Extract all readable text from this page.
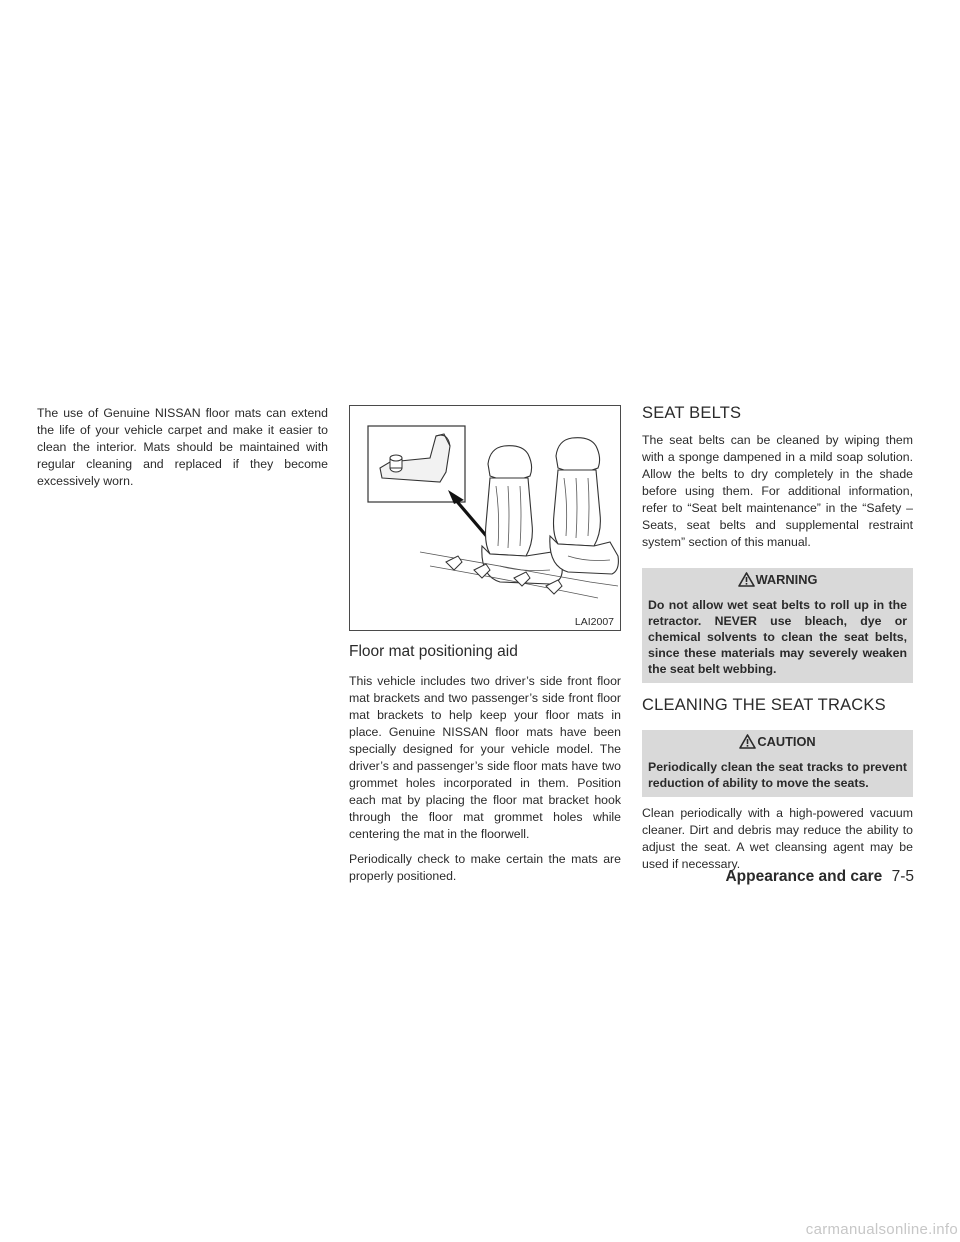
The use of Genuine NISSAN floor mats can extend the life of your vehicle carpet and make it easier to clean the interior. Mats should be maintained with regular cleaning and replaced if they become excessively worn.

LAI2007
Floor mat positioning aid

This vehicle includes two driver’s side front floor mat brackets and two passenger’s side front floor mat brackets to help keep your floor mats in place. Genuine NISSAN floor mats have been specially designed for your vehicle model. The driver’s and passenger’s side floor mats have two grommet holes incorporated in them. Position each mat by placing the floor mat bracket hook through the floor mat grommet holes while centering the mat in the floorwell.

Periodically check to make certain the mats are properly positioned.

SEAT BELTS

The seat belts can be cleaned by wiping them with a sponge dampened in a mild soap solution. Allow the belts to dry completely in the shade before using them. For additional information, refer to “Seat belt maintenance” in the “Safety – Seats, seat belts and supplemental restraint system” section of this manual.

WARNING
Do not allow wet seat belts to roll up in the retractor. NEVER use bleach, dye or chemical solvents to clean the seat belts, since these materials may severely weaken the seat belt webbing.
CLEANING THE SEAT TRACKS
CAUTION
Periodically clean the seat tracks to prevent reduction of ability to move the seats.

Clean periodically with a high-powered vacuum cleaner. Dirt and debris may reduce the ability to adjust the seat. A wet cleansing agent may be used if necessary.

Appearance and care 7-5
carmanualsonline.info
